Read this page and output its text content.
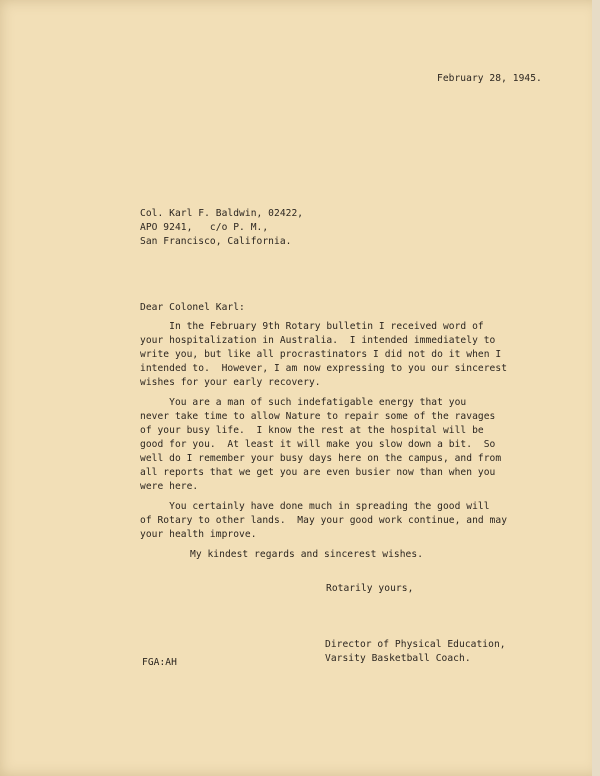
February 28, 1945.
Col. Karl F. Baldwin, 02422,
APO 9241,   c/o P. M.,
San Francisco, California.
Dear Colonel Karl:
In the February 9th Rotary bulletin I received word of
your hospitalization in Australia.  I intended immediately to
write you, but like all procrastinators I did not do it when I
intended to.  However, I am now expressing to you our sincerest
wishes for your early recovery.
You are a man of such indefatigable energy that you
never take time to allow Nature to repair some of the ravages
of your busy life.  I know the rest at the hospital will be
good for you.  At least it will make you slow down a bit.  So
well do I remember your busy days here on the campus, and from
all reports that we get you are even busier now than when you
were here.
You certainly have done much in spreading the good will
of Rotary to other lands.  May your good work continue, and may
your health improve.
My kindest regards and sincerest wishes.
Rotarily yours,
FGA:AH
Director of Physical Education,
Varsity Basketball Coach.
